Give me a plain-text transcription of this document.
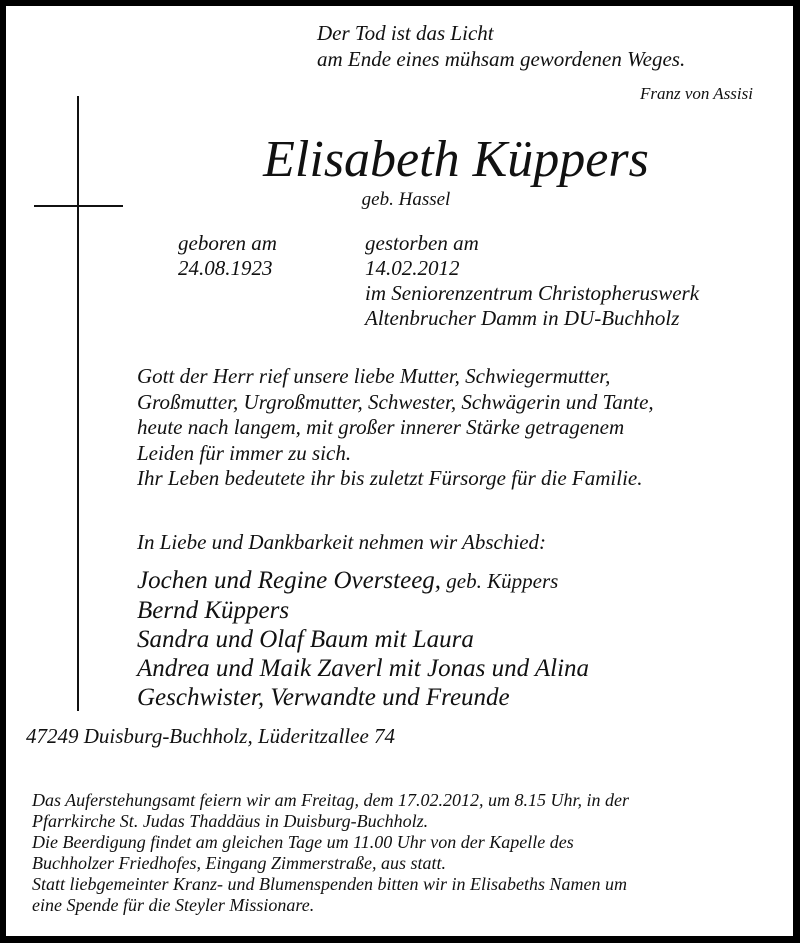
Der Tod ist das Licht
am Ende eines mühsam gewordenen Weges.
Franz von Assisi
Elisabeth Küppers
geb. Hassel
geboren am
24.08.1923
gestorben am
14.02.2012
im Seniorenzentrum Christopheruswerk
Altenbrucher Damm in DU-Buchholz
Gott der Herr rief unsere liebe Mutter, Schwiegermutter,
Großmutter, Urgroßmutter, Schwester, Schwägerin und Tante,
heute nach langem, mit großer innerer Stärke getragenem
Leiden für immer zu sich.
Ihr Leben bedeutete ihr bis zuletzt Fürsorge für die Familie.
In Liebe und Dankbarkeit nehmen wir Abschied:
Jochen und Regine Oversteeg, geb. Küppers
Bernd Küppers
Sandra und Olaf Baum mit Laura
Andrea und Maik Zaverl mit Jonas und Alina
Geschwister, Verwandte und Freunde
47249 Duisburg-Buchholz, Lüderitzallee 74
Das Auferstehungsamt feiern wir am Freitag, dem 17.02.2012, um 8.15 Uhr, in der
Pfarrkirche St. Judas Thaddäus in Duisburg-Buchholz.
Die Beerdigung findet am gleichen Tage um 11.00 Uhr von der Kapelle des
Buchholzer Friedhofes, Eingang Zimmerstraße, aus statt.
Statt liebgemeinter Kranz- und Blumenspenden bitten wir in Elisabeths Namen um
eine Spende für die Steyler Missionare.
